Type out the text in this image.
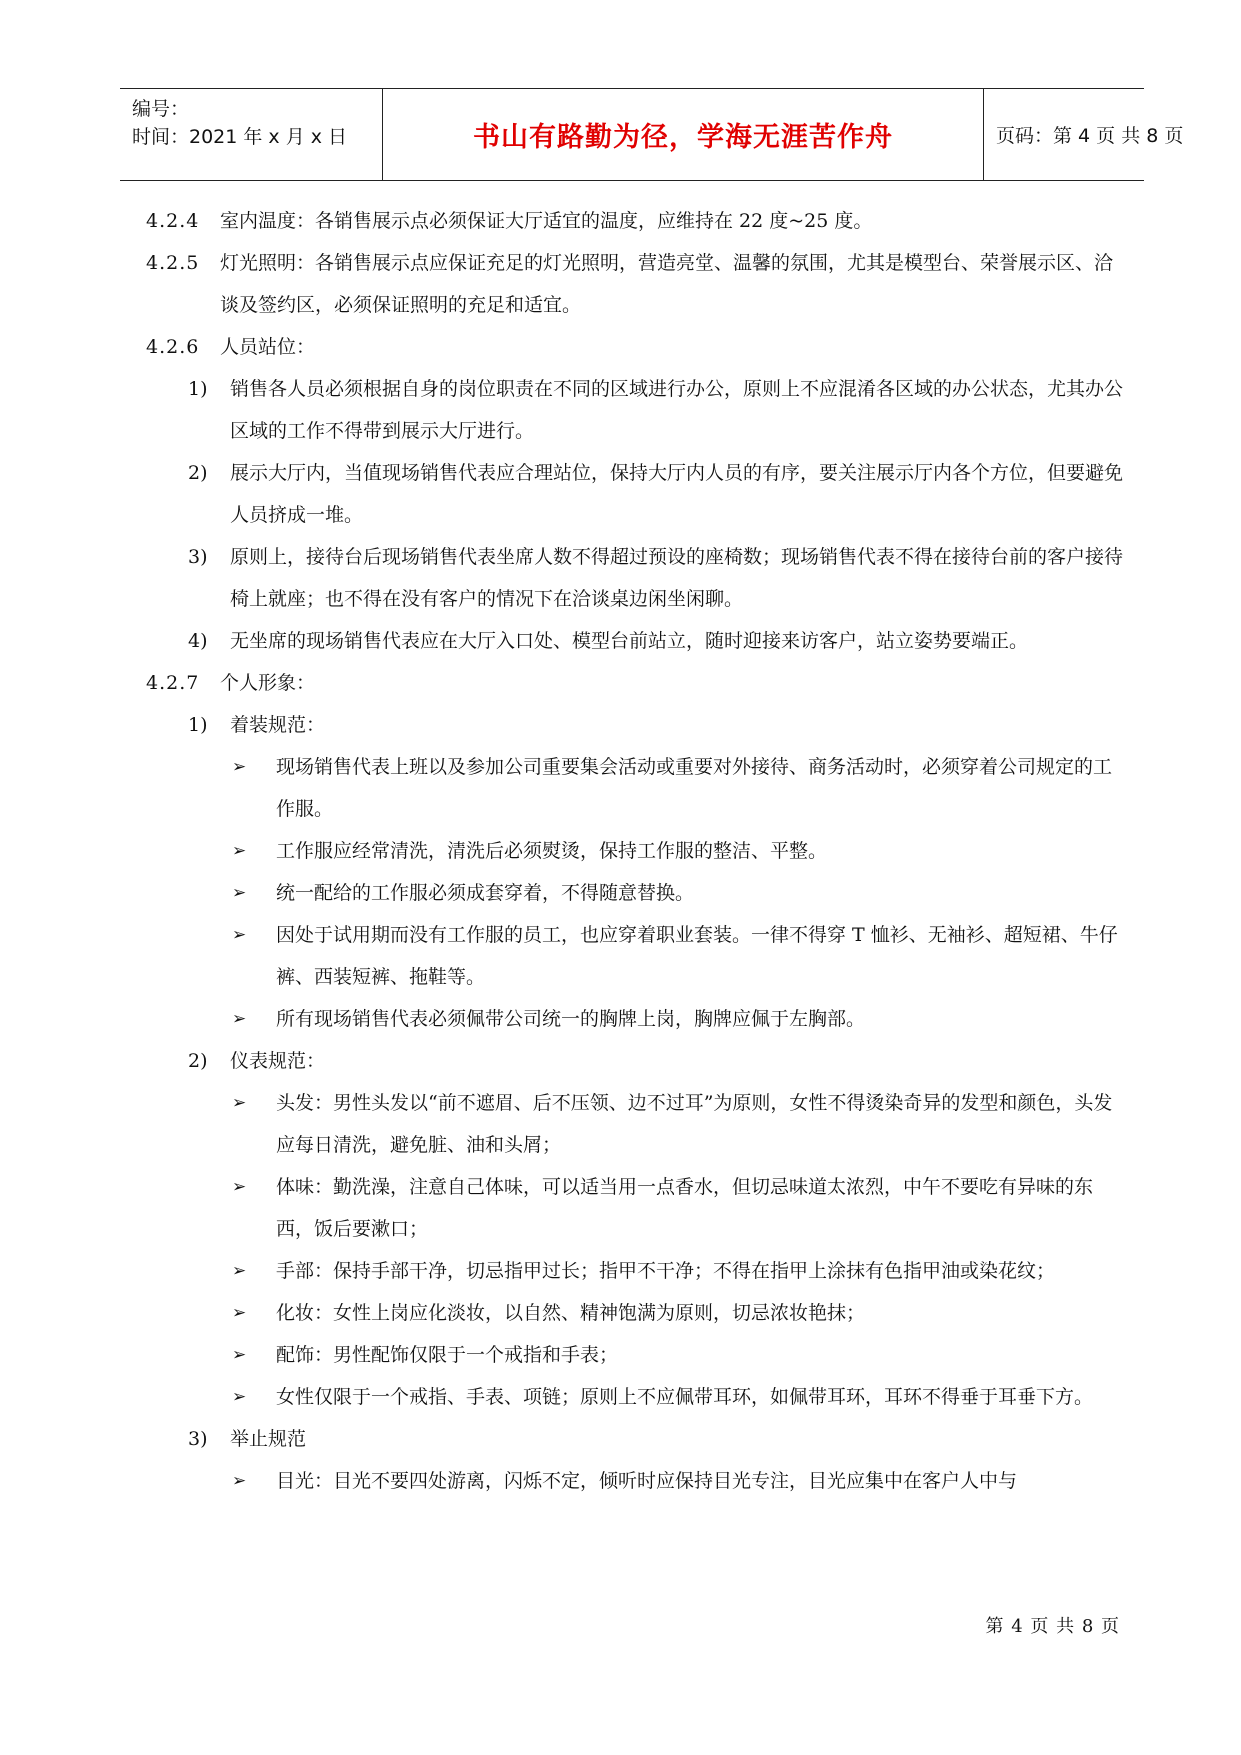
编号：
时间：2021 年 x 月 x 日	书山有路勤为径，学海无涯苦作舟	页码：第 4 页 共 8 页
4.2.4	室内温度：各销售展示点必须保证大厅适宜的温度，应维持在 22 度~25 度。
4.2.5	灯光照明：各销售展示点应保证充足的灯光照明，营造亮堂、温馨的氛围，尤其是模型台、荣誉展示区、洽谈及签约区，必须保证照明的充足和适宜。
4.2.6	人员站位：
1) 销售各人员必须根据自身的岗位职责在不同的区域进行办公，原则上不应混淆各区域的办公状态，尤其办公区域的工作不得带到展示大厅进行。
2) 展示大厅内，当值现场销售代表应合理站位，保持大厅内人员的有序，要关注展示厅内各个方位，但要避免人员挤成一堆。
3) 原则上，接待台后现场销售代表坐席人数不得超过预设的座椅数；现场销售代表不得在接待台前的客户接待椅上就座；也不得在没有客户的情况下在洽谈桌边闲坐闲聊。
4) 无坐席的现场销售代表应在大厅入口处、模型台前站立，随时迎接来访客户，站立姿势要端正。
4.2.7	个人形象：
1) 着装规范：
➢ 现场销售代表上班以及参加公司重要集会活动或重要对外接待、商务活动时，必须穿着公司规定的工作服。
➢ 工作服应经常清洗，清洗后必须熨烫，保持工作服的整洁、平整。
➢ 统一配给的工作服必须成套穿着，不得随意替换。
➢ 因处于试用期而没有工作服的员工，也应穿着职业套装。一律不得穿 T 恤衫、无袖衫、超短裙、牛仔裤、西装短裤、拖鞋等。
➢ 所有现场销售代表必须佩带公司统一的胸牌上岗，胸牌应佩于左胸部。
2) 仪表规范：
➢ 头发：男性头发以“前不遮眉、后不压领、边不过耳”为原则，女性不得烫染奇异的发型和颜色，头发应每日清洗，避免脏、油和头屑；
➢ 体味：勤洗澡，注意自己体味，可以适当用一点香水，但切忌味道太浓烈，中午不要吃有异味的东西，饭后要漱口；
➢ 手部：保持手部干净，切忌指甲过长；指甲不干净；不得在指甲上涂抹有色指甲油或染花纹；
➢ 化妆：女性上岗应化淡妆，以自然、精神饱满为原则，切忌浓妆艳抹；
➢ 配饰：男性配饰仅限于一个戒指和手表；
➢ 女性仅限于一个戒指、手表、项链；原则上不应佩带耳环，如佩带耳环，耳环不得垂于耳垂下方。
3) 举止规范
➢ 目光：目光不要四处游离，闪烁不定，倾听时应保持目光专注，目光应集中在客户人中与
第 4 页 共 8 页
